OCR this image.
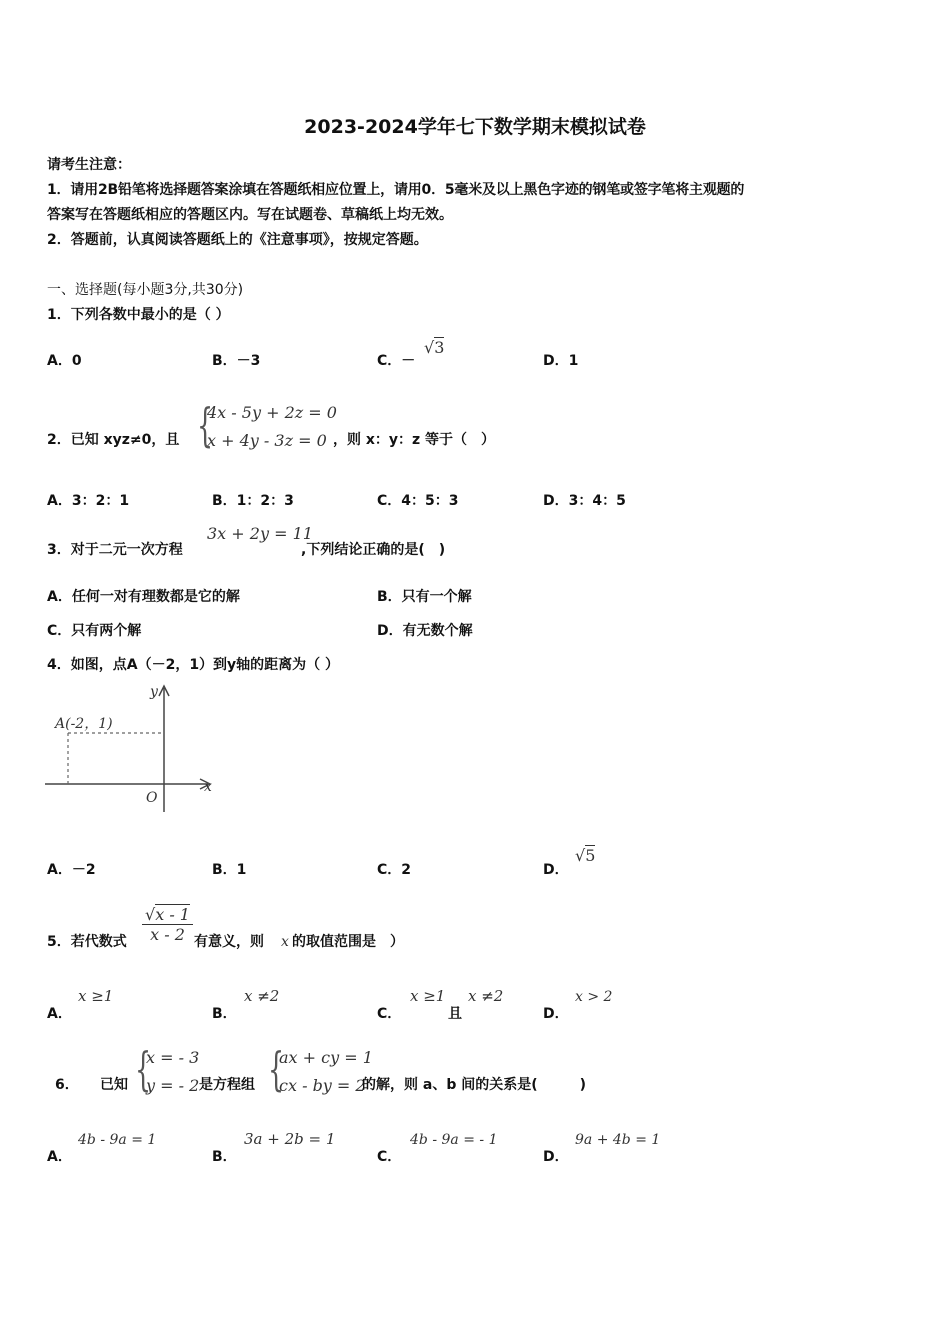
2023-2024学年七下数学期末模拟试卷
请考生注意：
1．请用2B铅笔将选择题答案涂填在答题纸相应位置上，请用0．5毫米及以上黑色字迹的钢笔或签字笔将主观题的
答案写在答题纸相应的答题区内。写在试题卷、草稿纸上均无效。
2．答题前，认真阅读答题纸上的《注意事项》，按规定答题。
一、选择题(每小题3分,共30分)
1．下列各数中最小的是（ ）
A．0	B．－3	C．－
√3
D．1
2．已知 xyz≠0，且 {
4x - 5y + 2z = 0
x + 4y - 3z = 0 ，则 x：y：z 等于（　）
A．3：2：1	B．1：2：3	C．4：5：3	D．3：4：5
3．对于二元一次方程
3x + 2y = 11
,下列结论正确的是(　)
A．任何一对有理数都是它的解	B．只有一个解
C．只有两个解	D．有无数个解
4．如图，点A（－2，1）到y轴的距离为（ ）
A(-2，1)
x
y
O
A．－2	B．1	C．2	D．
√5
5．若代数式 $\frac{√x - 1}{x - 2}$ 有意义，则 x 的取值范围是　）
A．
x ≥1
B．
x ≠2
C．
x ≥1
且
x ≠2
D．
x > 2
6． 已知 {
x = - 3
y = - 2 是方程组 {
ax + cy = 1
cx - by = 2
的解，则 a、b 间的关系是(　　　)
A．
4b - 9a = 1
B．
3a + 2b = 1
C．
4b - 9a = - 1
D．
9a + 4b = 1
